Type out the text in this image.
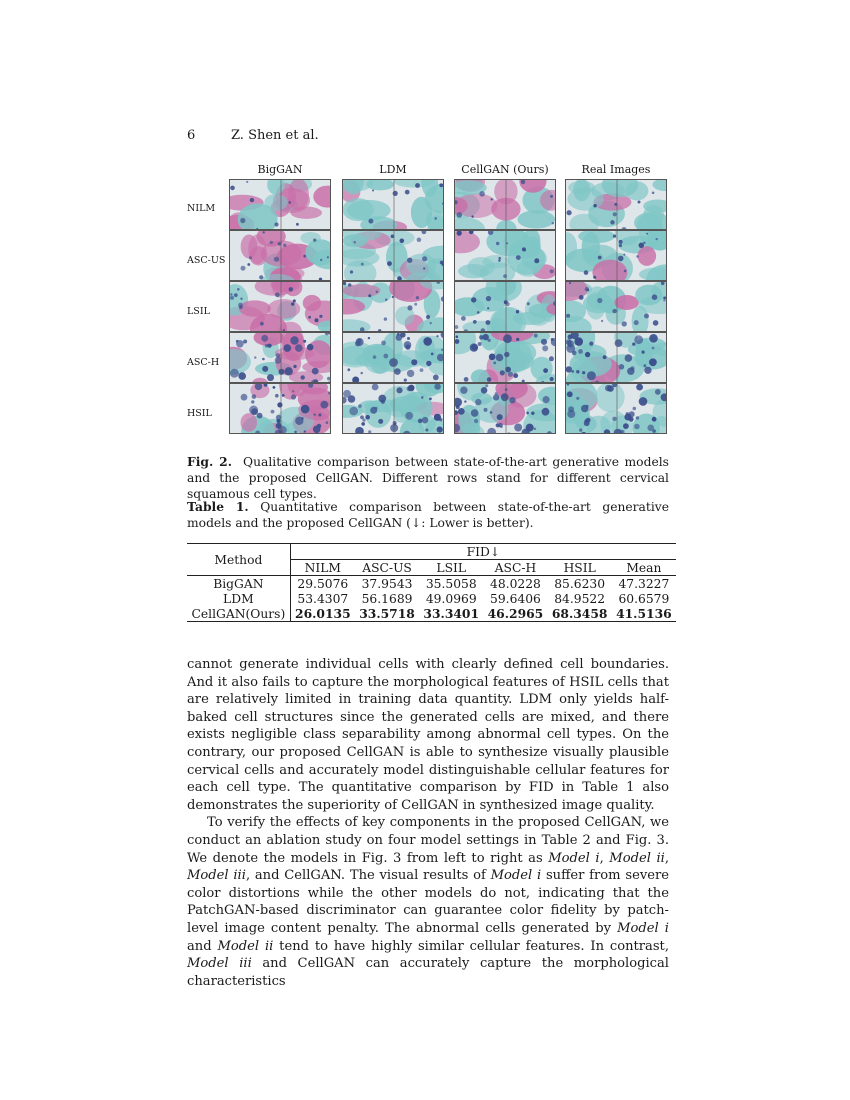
6	Z. Shen et al.
BigGAN	LDM	CellGAN (Ours)	Real Images
NILM
ASC-US
LSIL
ASC-H
HSIL
Fig. 2. Qualitative comparison between state-of-the-art generative models and the proposed CellGAN. Different rows stand for different cervical squamous cell types.
Table 1. Quantitative comparison between state-of-the-art generative models and the proposed CellGAN (↓: Lower is better).
Method	FID↓					
	NILM	ASC-US	LSIL	ASC-H	HSIL	Mean
BigGAN	29.5076	37.9543	35.5058	48.0228	85.6230	47.3227
LDM	53.4307	56.1689	49.0969	59.6406	84.9522	60.6579
CellGAN(Ours)	26.0135	33.5718	33.3401	46.2965	68.3458	41.5136

cannot generate individual cells with clearly defined cell boundaries. And it also fails to capture the morphological features of HSIL cells that are relatively limited in training data quantity. LDM only yields half-baked cell structures since the generated cells are mixed, and there exists negligible class separability among abnormal cell types. On the contrary, our proposed CellGAN is able to synthesize visually plausible cervical cells and accurately model distinguishable cellular features for each cell type. The quantitative comparison by FID in Table 1 also demonstrates the superiority of CellGAN in synthesized image quality.

To verify the effects of key components in the proposed CellGAN, we conduct an ablation study on four model settings in Table 2 and Fig. 3. We denote the models in Fig. 3 from left to right as Model i, Model ii, Model iii, and CellGAN. The visual results of Model i suffer from severe color distortions while the other models do not, indicating that the PatchGAN-based discriminator can guarantee color fidelity by patch-level image content penalty. The abnormal cells generated by Model i and Model ii tend to have highly similar cellular features. In contrast, Model iii and CellGAN can accurately capture the morphological characteristics
